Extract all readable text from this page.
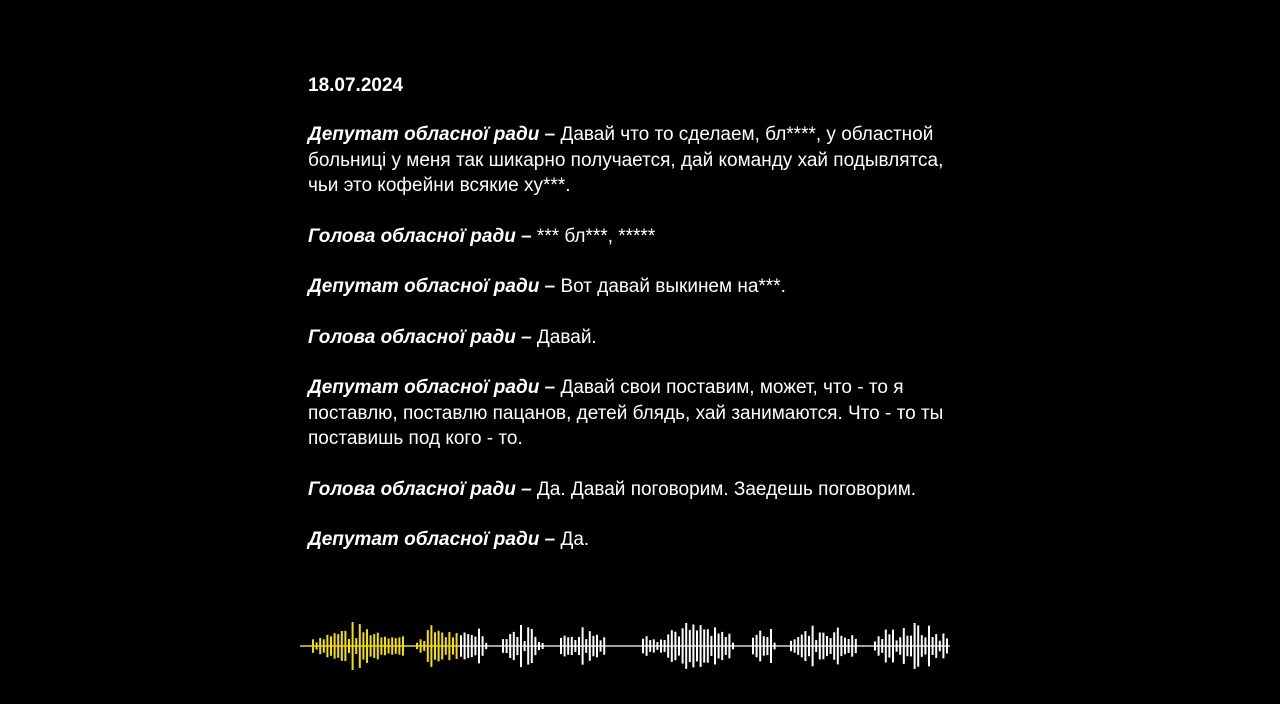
18.07.2024
Депутат обласної ради – Давай что то сделаем, бл****, у областной больниці у меня так шикарно получается, дай команду хай подывлятса, чьи это кофейни всякие ху***.
Голова обласної ради – *** бл***, *****
Депутат обласної ради – Вот давай выкинем на***.
Голова обласної ради – Давай.
Депутат обласної ради – Давай свои поставим, может, что - то я поставлю, поставлю пацанов, детей блядь, хай занимаются. Что - то ты поставишь под кого - то.
Голова обласної ради – Да. Давай поговорим. Заедешь поговорим.
Депутат обласної ради – Да.
